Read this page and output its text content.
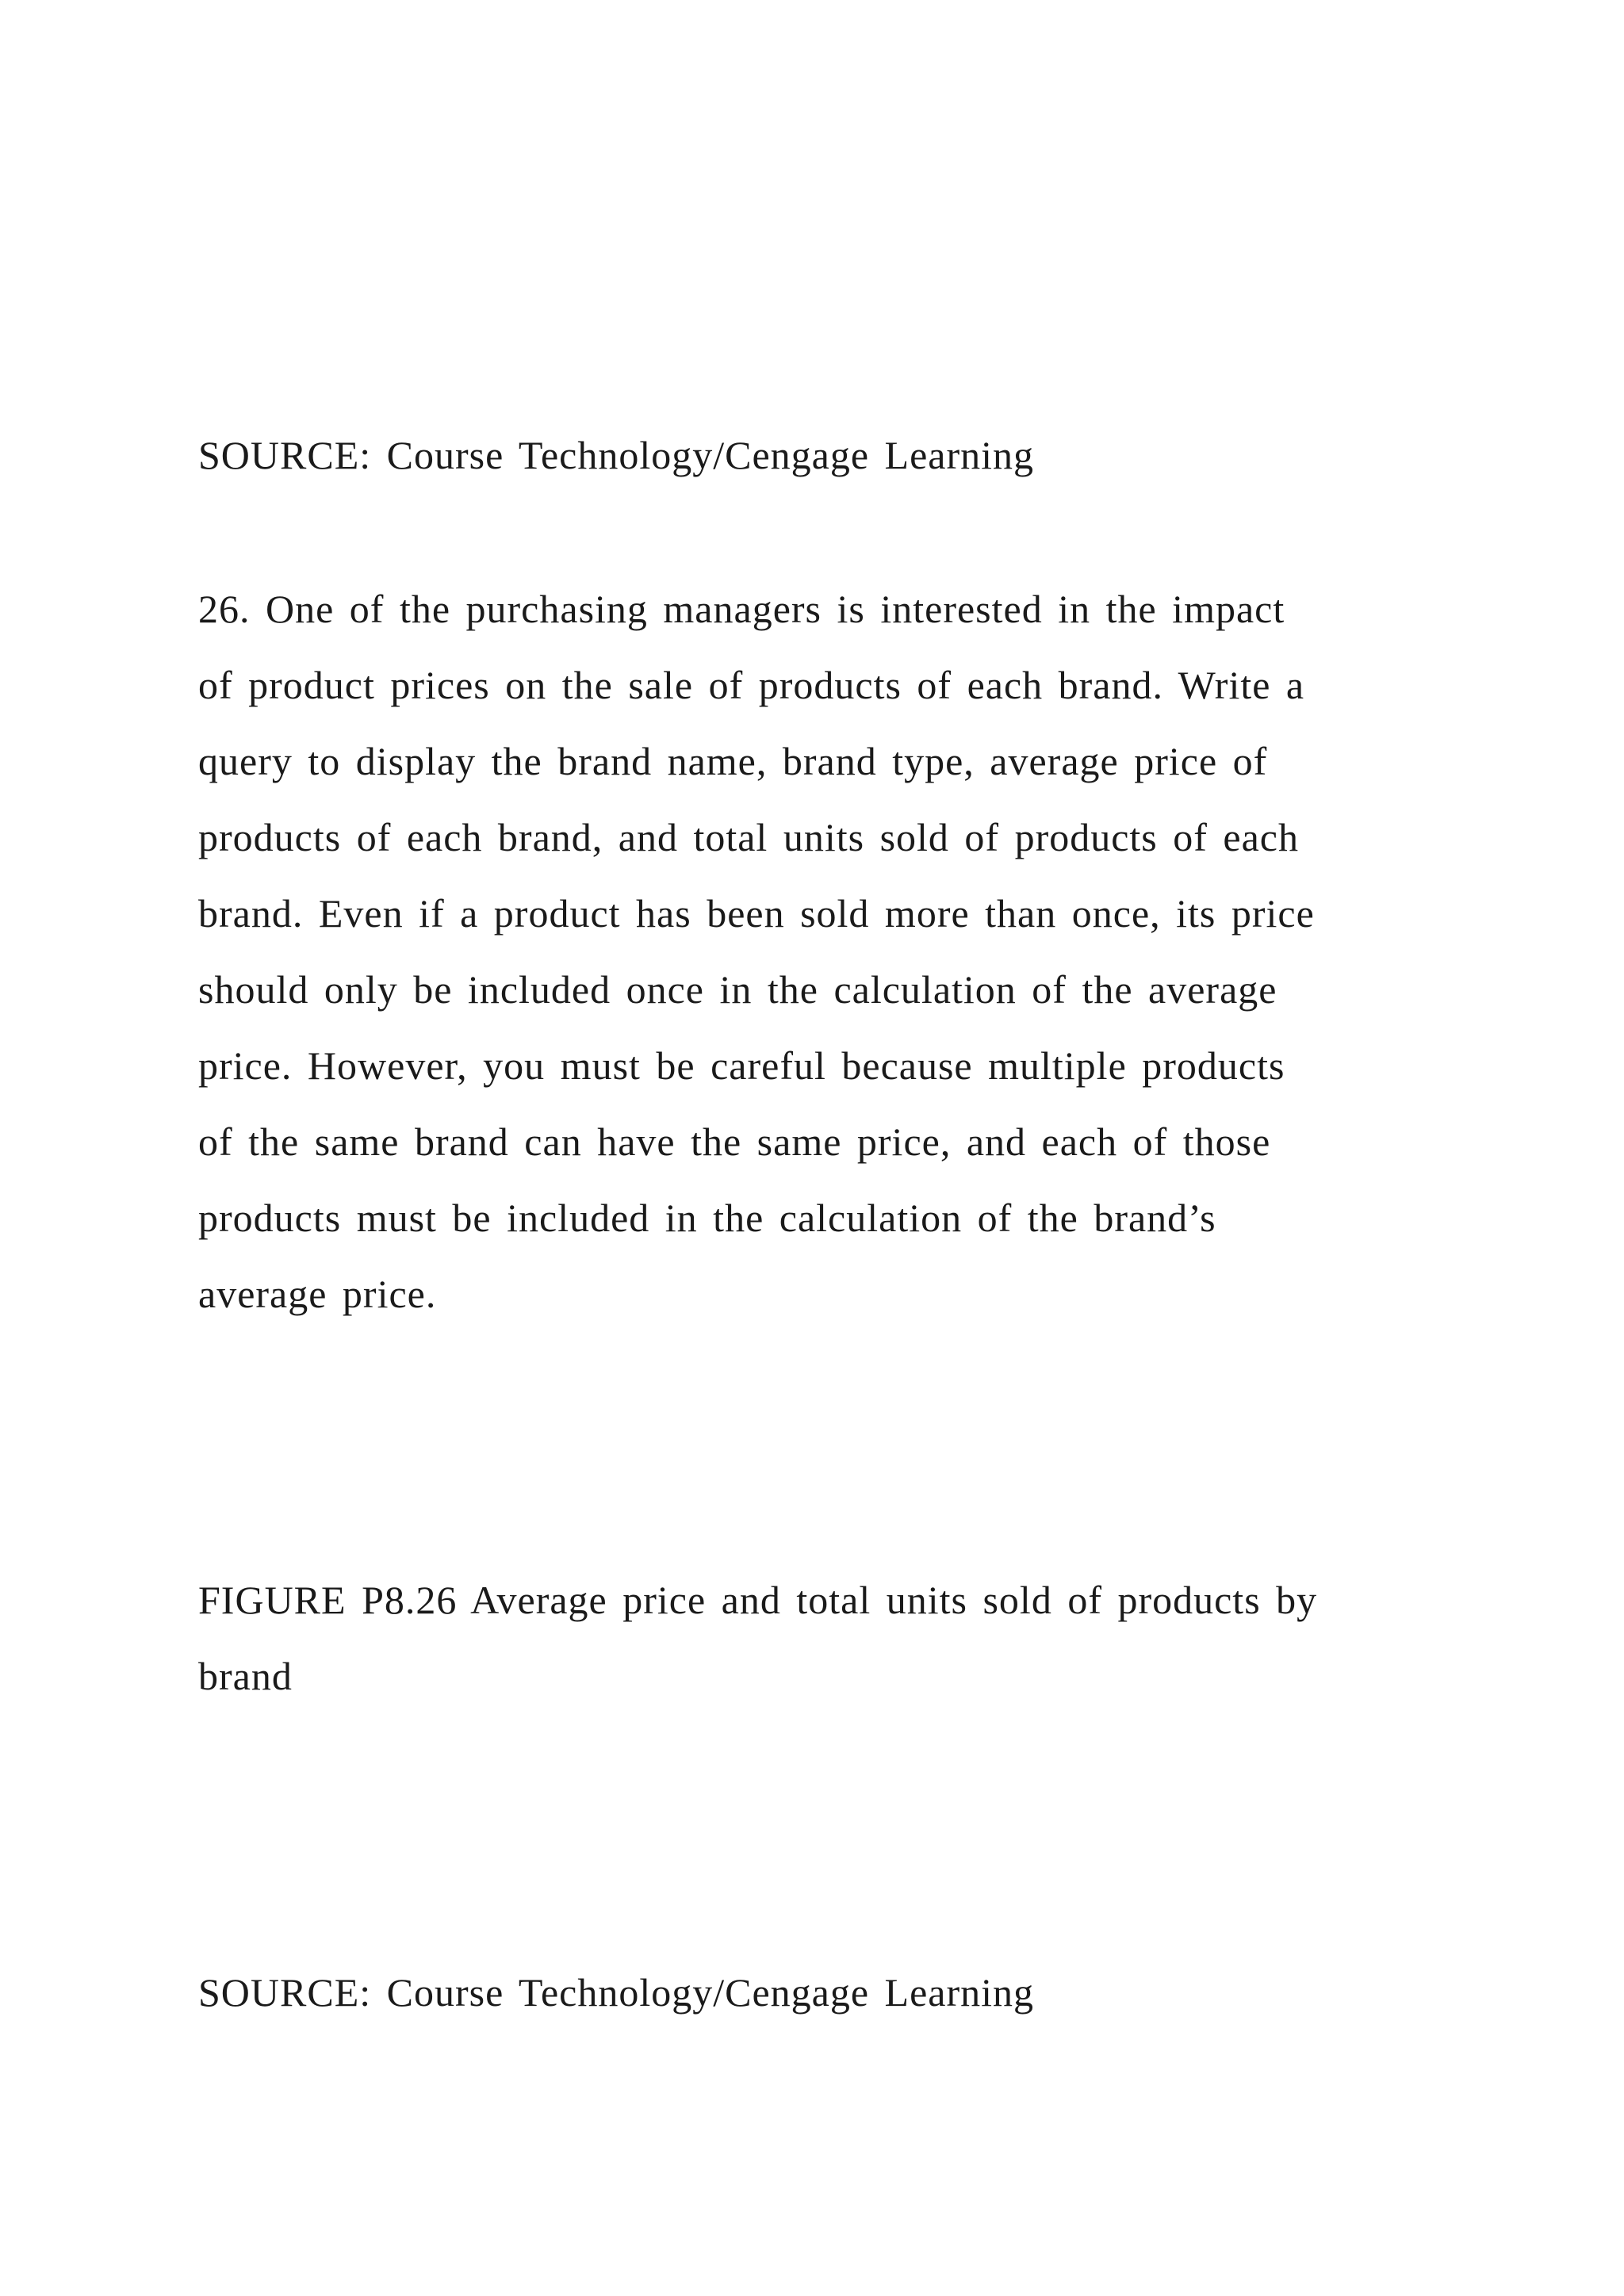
SOURCE: Course Technology/Cengage Learning

26. One of the purchasing managers is interested in the impact
of product prices on the sale of products of each brand. Write a
query to display the brand name, brand type, average price of
products of each brand, and total units sold of products of each
brand. Even if a product has been sold more than once, its price
should only be included once in the calculation of the average
price. However, you must be careful because multiple products
of the same brand can have the same price, and each of those
products must be included in the calculation of the brand’s
average price.
FIGURE P8.26 Average price and total units sold of products by
brand

SOURCE: Course Technology/Cengage Learning
